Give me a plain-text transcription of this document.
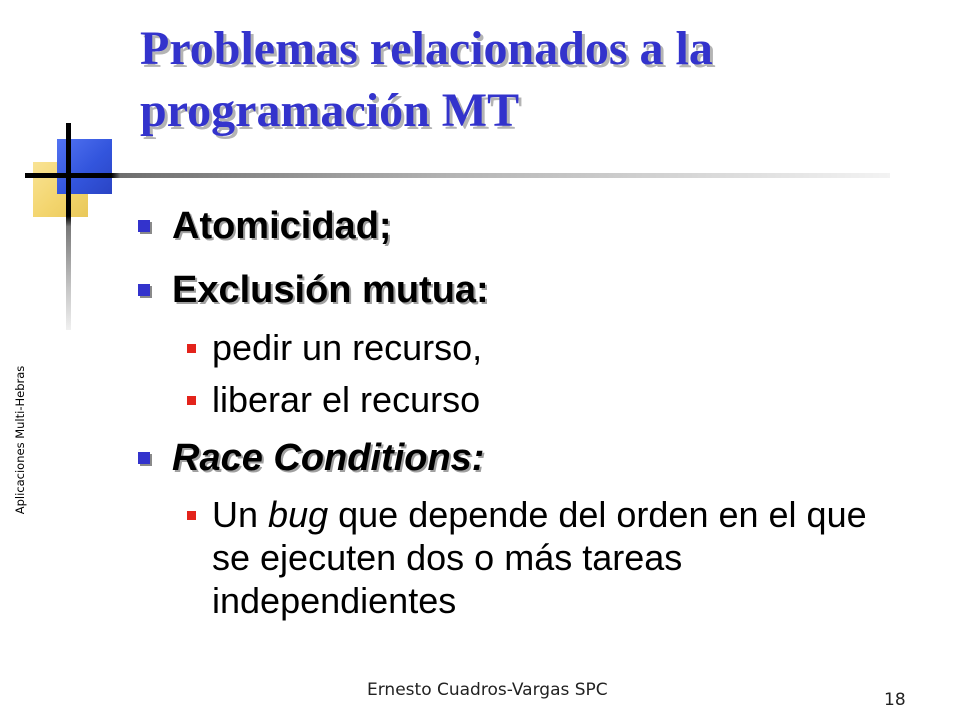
Problemas relacionados a la programación MT
Aplicaciones Multi-Hebras
Atomicidad;
Exclusión mutua:
pedir un recurso,
liberar el recurso
Race Conditions:

Un bug que depende del orden en el que se ejecuten dos o más tareas independientes

Ernesto Cuadros-Vargas SPC	18
